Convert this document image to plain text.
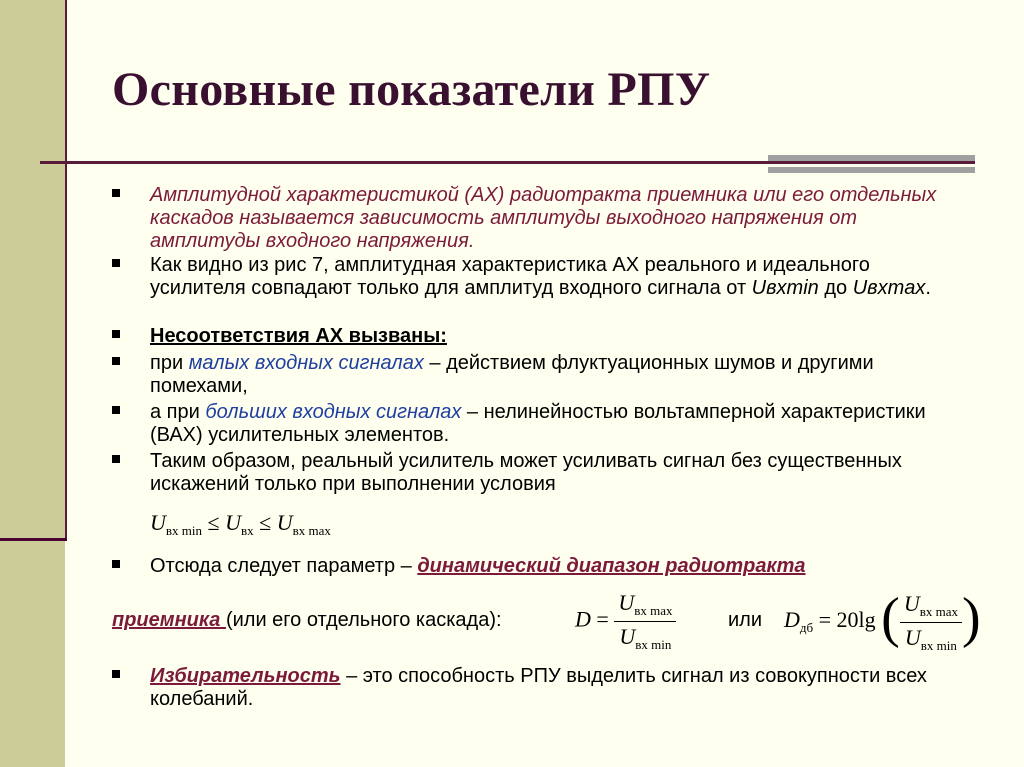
Основные показатели РПУ
Амплитудной характеристикой (АХ) радиотракта приемника или его отдельных каскадов называется зависимость амплитуды выходного напряжения от амплитуды входного напряжения.
Как видно из рис 7, амплитудная характеристика АХ реального и идеального усилителя совпадают только для амплитуд входного сигнала от Uвхmin до Uвхmax.
Несоответствия АХ вызваны:
при малых входных сигналах – действием флуктуационных шумов и другими помехами,
а при больших входных сигналах – нелинейностью вольтамперной характеристики (ВАХ) усилительных элементов.
Таким образом, реальный усилитель может усиливать сигнал без существенных искажений только при выполнении условия
$U_{вх min} \le U_{вх} \le U_{вх max}$
Отсюда следует параметр – динамический диапазон радиотракта
приемника (или его отдельного каскада):	$D = \frac{U_{вх max}}{U_{вх min}}$	или $D_{дб} = 20\lg$ ( $\frac{U_{вх max}}{U_{вх min}}$ )
Избирательность – это способность РПУ выделить сигнал из совокупности всех колебаний.
